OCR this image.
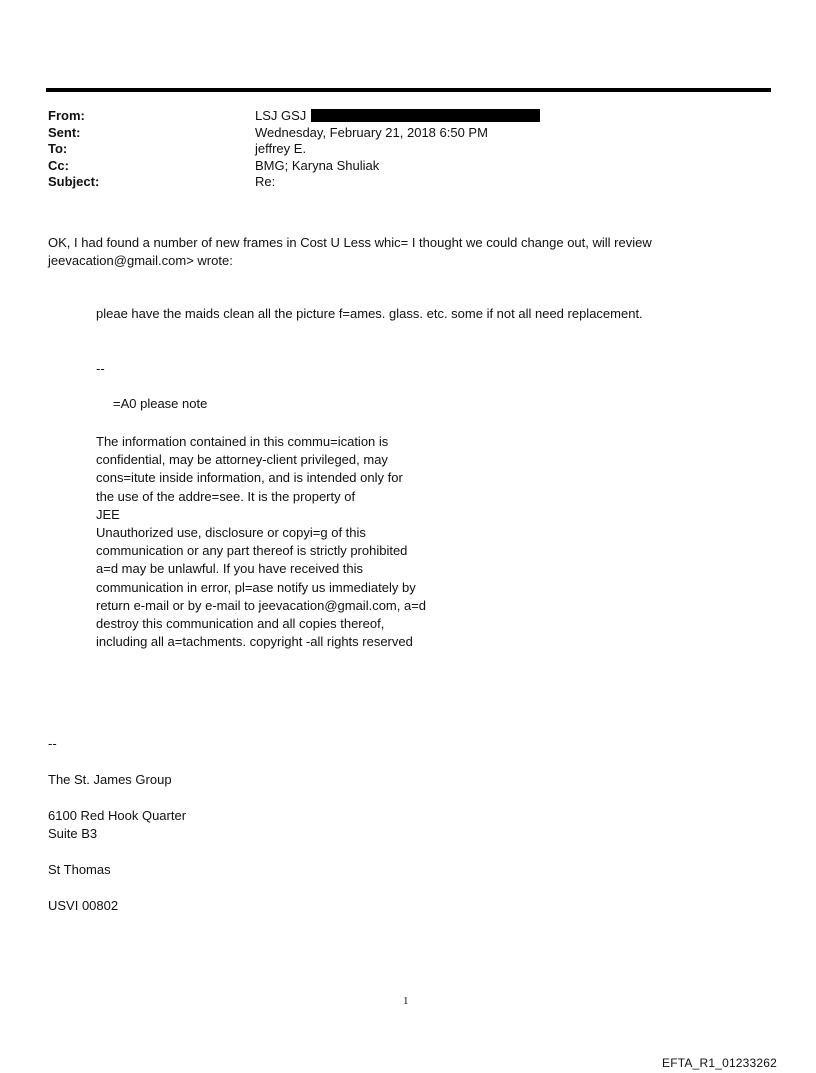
From:	LSJ GSJ
Sent:	Wednesday, February 21, 2018 6:50 PM
To:	jeffrey E.
Cc:	BMG; Karyna Shuliak
Subject:	Re:
OK, I had found a number of new frames in Cost U Less whic= I thought we could change out, will review
jeevacation@gmail.com> wrote:
pleae have the maids clean all the picture f=ames. glass. etc. some if not all need replacement.
--
=A0 please note
The information contained in this commu=ication is
confidential, may be attorney-client privileged, may
cons=itute inside information, and is intended only for
the use of the addre=see. It is the property of
JEE
Unauthorized use, disclosure or copyi=g of this
communication or any part thereof is strictly prohibited
a=d may be unlawful. If you have received this
communication in error, pl=ase notify us immediately by
return e-mail or by e-mail to jeevacation@gmail.com, a=d
destroy this communication and all copies thereof,
including all a=tachments. copyright -all rights reserved
--
The St. James Group
6100 Red Hook Quarter
Suite B3
St Thomas
USVI 00802
1
EFTA_R1_01233262
